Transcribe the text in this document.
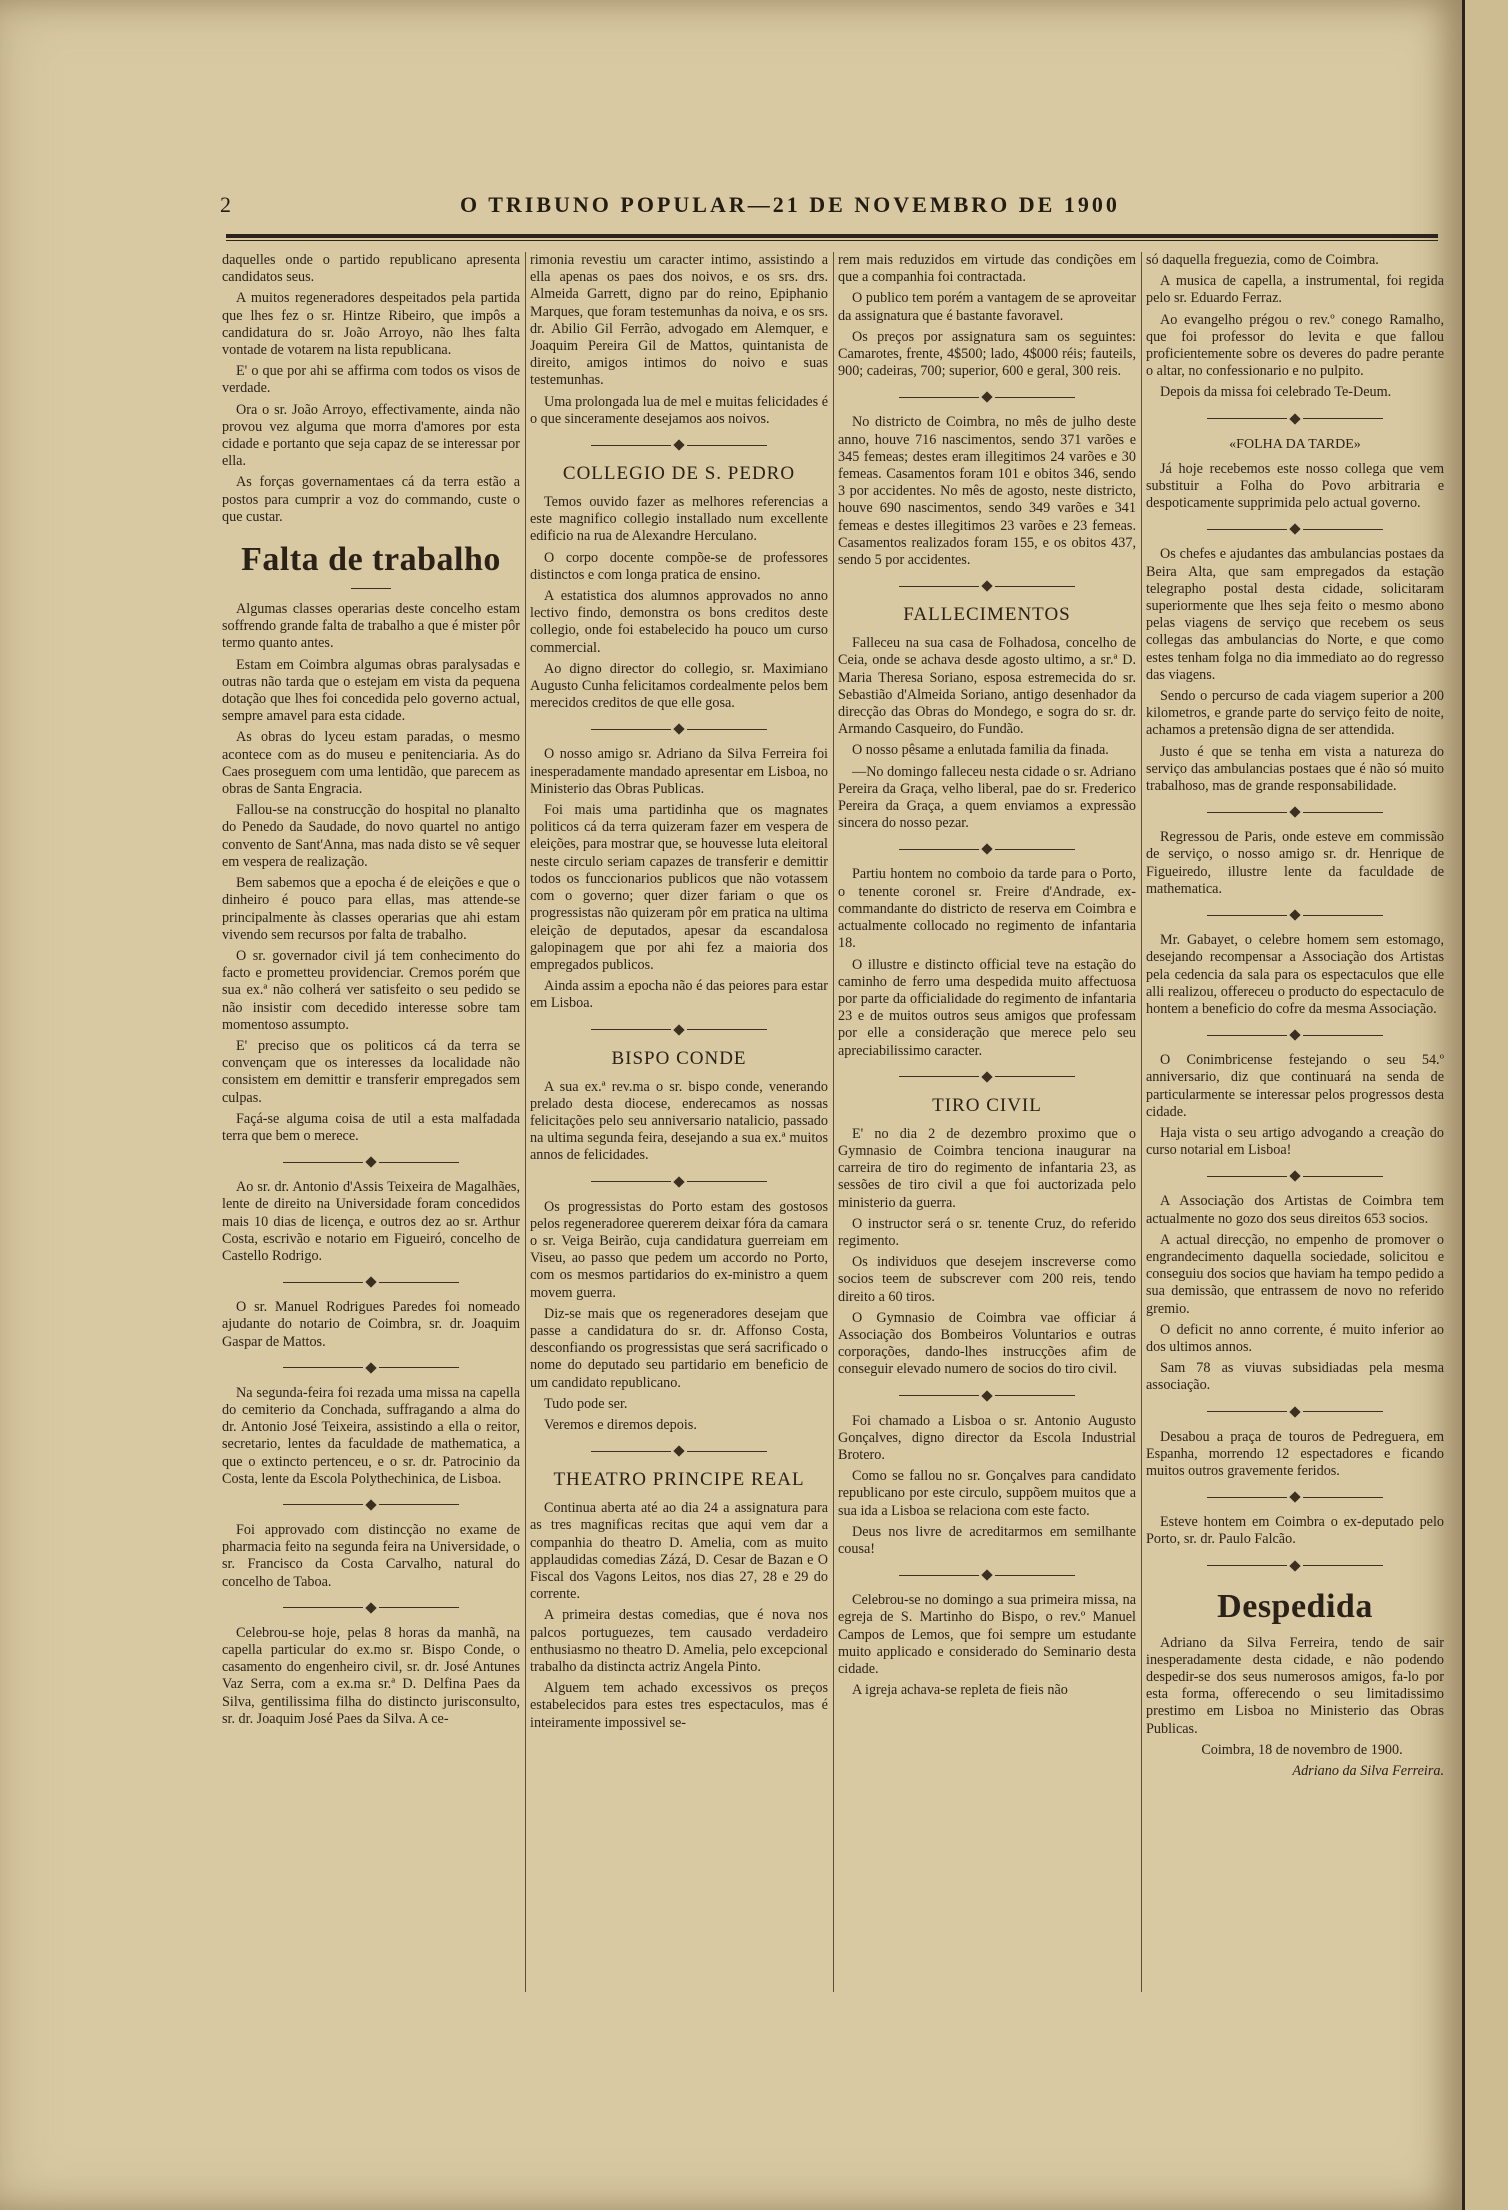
2	O TRIBUNO POPULAR—21 DE NOVEMBRO DE 1900

daquelles onde o partido republicano apresenta candidatos seus.

A muitos regeneradores despeitados pela partida que lhes fez o sr. Hintze Ribeiro, que impôs a candidatura do sr. João Arroyo, não lhes falta vontade de votarem na lista republicana.

E' o que por ahi se affirma com todos os visos de verdade.

Ora o sr. João Arroyo, effectivamente, ainda não provou vez alguma que morra d'amores por esta cidade e portanto que seja capaz de se interessar por ella.

As forças governamentaes cá da terra estão a postos para cumprir a voz do commando, custe o que custar.

Falta de trabalho

Algumas classes operarias deste concelho estam soffrendo grande falta de trabalho a que é mister pôr termo quanto antes.

Estam em Coimbra algumas obras paralysadas e outras não tarda que o estejam em vista da pequena dotação que lhes foi concedida pelo governo actual, sempre amavel para esta cidade.

As obras do lyceu estam paradas, o mesmo acontece com as do museu e penitenciaria. As do Caes proseguem com uma lentidão, que parecem as obras de Santa Engracia.

Fallou-se na construcção do hospital no planalto do Penedo da Saudade, do novo quartel no antigo convento de Sant'Anna, mas nada disto se vê sequer em vespera de realização.

Bem sabemos que a epocha é de eleições e que o dinheiro é pouco para ellas, mas attende-se principalmente às classes operarias que ahi estam vivendo sem recursos por falta de trabalho.

O sr. governador civil já tem conhecimento do facto e prometteu providenciar. Cremos porém que sua ex.ª não colherá ver satisfeito o seu pedido se não insistir com decedido interesse sobre tam momentoso assumpto.

E' preciso que os politicos cá da terra se convençam que os interesses da localidade não consistem em demittir e transferir empregados sem culpas.

Façá-se alguma coisa de util a esta malfadada terra que bem o merece.

Ao sr. dr. Antonio d'Assis Teixeira de Magalhães, lente de direito na Universidade foram concedidos mais 10 dias de licença, e outros dez ao sr. Arthur Costa, escrivão e notario em Figueiró, concelho de Castello Rodrigo.

O sr. Manuel Rodrigues Paredes foi nomeado ajudante do notario de Coimbra, sr. dr. Joaquim Gaspar de Mattos.

Na segunda-feira foi rezada uma missa na capella do cemiterio da Conchada, suffragando a alma do dr. Antonio José Teixeira, assistindo a ella o reitor, secretario, lentes da faculdade de mathematica, a que o extincto pertenceu, e o sr. dr. Patrocinio da Costa, lente da Escola Polythechinica, de Lisboa.

Foi approvado com distincção no exame de pharmacia feito na segunda feira na Universidade, o sr. Francisco da Costa Carvalho, natural do concelho de Taboa.

Celebrou-se hoje, pelas 8 horas da manhã, na capella particular do ex.mo sr. Bispo Conde, o casamento do engenheiro civil, sr. dr. José Antunes Vaz Serra, com a ex.ma sr.ª D. Delfina Paes da Silva, gentilissima filha do distincto jurisconsulto, sr. dr. Joaquim José Paes da Silva. A ce-

rimonia revestiu um caracter intimo, assistindo a ella apenas os paes dos noivos, e os srs. drs. Almeida Garrett, digno par do reino, Epiphanio Marques, que foram testemunhas da noiva, e os srs. dr. Abilio Gil Ferrão, advogado em Alemquer, e Joaquim Pereira Gil de Mattos, quintanista de direito, amigos intimos do noivo e suas testemunhas.

Uma prolongada lua de mel e muitas felicidades é o que sinceramente desejamos aos noivos.

COLLEGIO DE S. PEDRO

Temos ouvido fazer as melhores referencias a este magnifico collegio installado num excellente edificio na rua de Alexandre Herculano.

O corpo docente compõe-se de professores distinctos e com longa pratica de ensino.

A estatistica dos alumnos approvados no anno lectivo findo, demonstra os bons creditos deste collegio, onde foi estabelecido ha pouco um curso commercial.

Ao digno director do collegio, sr. Maximiano Augusto Cunha felicitamos cordealmente pelos bem merecidos creditos de que elle gosa.

O nosso amigo sr. Adriano da Silva Ferreira foi inesperadamente mandado apresentar em Lisboa, no Ministerio das Obras Publicas.

Foi mais uma partidinha que os magnates politicos cá da terra quizeram fazer em vespera de eleições, para mostrar que, se houvesse luta eleitoral neste circulo seriam capazes de transferir e demittir todos os funccionarios publicos que não votassem com o governo; quer dizer fariam o que os progressistas não quizeram pôr em pratica na ultima eleição de deputados, apesar da escandalosa galopinagem que por ahi fez a maioria dos empregados publicos.

Ainda assim a epocha não é das peiores para estar em Lisboa.

BISPO CONDE

A sua ex.ª rev.ma o sr. bispo conde, venerando prelado desta diocese, enderecamos as nossas felicitações pelo seu anniversario natalicio, passado na ultima segunda feira, desejando a sua ex.ª muitos annos de felicidades.

Os progressistas do Porto estam des gostosos pelos regeneradoree quererem deixar fóra da camara o sr. Veiga Beirão, cuja candidatura guerreiam em Viseu, ao passo que pedem um accordo no Porto, com os mesmos partidarios do ex-ministro a quem movem guerra.

Diz-se mais que os regeneradores desejam que passe a candidatura do sr. dr. Affonso Costa, desconfiando os progressistas que será sacrificado o nome do deputado seu partidario em beneficio de um candidato republicano.

Tudo pode ser.

Veremos e diremos depois.

THEATRO PRINCIPE REAL

Continua aberta até ao dia 24 a assignatura para as tres magnificas recitas que aqui vem dar a companhia do theatro D. Amelia, com as muito applaudidas comedias Zázá, D. Cesar de Bazan e O Fiscal dos Vagons Leitos, nos dias 27, 28 e 29 do corrente.

A primeira destas comedias, que é nova nos palcos portuguezes, tem causado verdadeiro enthusiasmo no theatro D. Amelia, pelo excepcional trabalho da distincta actriz Angela Pinto.

Alguem tem achado excessivos os preços estabelecidos para estes tres espectaculos, mas é inteiramente impossivel se-

rem mais reduzidos em virtude das condições em que a companhia foi contractada.

O publico tem porém a vantagem de se aproveitar da assignatura que é bastante favoravel.

Os preços por assignatura sam os seguintes: Camarotes, frente, 4$500; lado, 4$000 réis; fauteils, 900; cadeiras, 700; superior, 600 e geral, 300 reis.

No districto de Coimbra, no mês de julho deste anno, houve 716 nascimentos, sendo 371 varões e 345 femeas; destes eram illegitimos 24 varões e 30 femeas. Casamentos foram 101 e obitos 346, sendo 3 por accidentes. No mês de agosto, neste districto, houve 690 nascimentos, sendo 349 varões e 341 femeas e destes illegitimos 23 varões e 23 femeas. Casamentos realizados foram 155, e os obitos 437, sendo 5 por accidentes.

FALLECIMENTOS

Falleceu na sua casa de Folhadosa, concelho de Ceia, onde se achava desde agosto ultimo, a sr.ª D. Maria Theresa Soriano, esposa estremecida do sr. Sebastião d'Almeida Soriano, antigo desenhador da direcção das Obras do Mondego, e sogra do sr. dr. Armando Casqueiro, do Fundão.

O nosso pêsame a enlutada familia da finada.

—No domingo falleceu nesta cidade o sr. Adriano Pereira da Graça, velho liberal, pae do sr. Frederico Pereira da Graça, a quem enviamos a expressão sincera do nosso pezar.

Partiu hontem no comboio da tarde para o Porto, o tenente coronel sr. Freire d'Andrade, ex-commandante do districto de reserva em Coimbra e actualmente collocado no regimento de infantaria 18.

O illustre e distincto official teve na estação do caminho de ferro uma despedida muito affectuosa por parte da officialidade do regimento de infantaria 23 e de muitos outros seus amigos que professam por elle a consideração que merece pelo seu apreciabilissimo caracter.

TIRO CIVIL

E' no dia 2 de dezembro proximo que o Gymnasio de Coimbra tenciona inaugurar na carreira de tiro do regimento de infantaria 23, as sessões de tiro civil a que foi auctorizada pelo ministerio da guerra.

O instructor será o sr. tenente Cruz, do referido regimento.

Os individuos que desejem inscreverse como socios teem de subscrever com 200 reis, tendo direito a 60 tiros.

O Gymnasio de Coimbra vae officiar á Associação dos Bombeiros Voluntarios e outras corporações, dando-lhes instrucções afim de conseguir elevado numero de socios do tiro civil.

Foi chamado a Lisboa o sr. Antonio Augusto Gonçalves, digno director da Escola Industrial Brotero.

Como se fallou no sr. Gonçalves para candidato republicano por este circulo, suppõem muitos que a sua ida a Lisboa se relaciona com este facto.

Deus nos livre de acreditarmos em semilhante cousa!

Celebrou-se no domingo a sua primeira missa, na egreja de S. Martinho do Bispo, o rev.º Manuel Campos de Lemos, que foi sempre um estudante muito applicado e considerado do Seminario desta cidade.

A igreja achava-se repleta de fieis não

só daquella freguezia, como de Coimbra.

A musica de capella, a instrumental, foi regida pelo sr. Eduardo Ferraz.

Ao evangelho prégou o rev.º conego Ramalho, que foi professor do levita e que fallou proficientemente sobre os deveres do padre perante o altar, no confessionario e no pulpito.

Depois da missa foi celebrado Te-Deum.

«FOLHA DA TARDE»

Já hoje recebemos este nosso collega que vem substituir a Folha do Povo arbitraria e despoticamente supprimida pelo actual governo.

Os chefes e ajudantes das ambulancias postaes da Beira Alta, que sam empregados da estação telegrapho postal desta cidade, solicitaram superiormente que lhes seja feito o mesmo abono pelas viagens de serviço que recebem os seus collegas das ambulancias do Norte, e que como estes tenham folga no dia immediato ao do regresso das viagens.

Sendo o percurso de cada viagem superior a 200 kilometros, e grande parte do serviço feito de noite, achamos a pretensão digna de ser attendida.

Justo é que se tenha em vista a natureza do serviço das ambulancias postaes que é não só muito trabalhoso, mas de grande responsabilidade.

Regressou de Paris, onde esteve em commissão de serviço, o nosso amigo sr. dr. Henrique de Figueiredo, illustre lente da faculdade de mathematica.

Mr. Gabayet, o celebre homem sem estomago, desejando recompensar a Associação dos Artistas pela cedencia da sala para os espectaculos que elle alli realizou, offereceu o producto do espectaculo de hontem a beneficio do cofre da mesma Associação.

O Conimbricense festejando o seu 54.º anniversario, diz que continuará na senda de particularmente se interessar pelos progressos desta cidade.

Haja vista o seu artigo advogando a creação do curso notarial em Lisboa!

A Associação dos Artistas de Coimbra tem actualmente no gozo dos seus direitos 653 socios.

A actual direcção, no empenho de promover o engrandecimento daquella sociedade, solicitou e conseguiu dos socios que haviam ha tempo pedido a sua demissão, que entrassem de novo no referido gremio.

O deficit no anno corrente, é muito inferior ao dos ultimos annos.

Sam 78 as viuvas subsidiadas pela mesma associação.

Desabou a praça de touros de Pedreguera, em Espanha, morrendo 12 espectadores e ficando muitos outros gravemente feridos.

Esteve hontem em Coimbra o ex-deputado pelo Porto, sr. dr. Paulo Falcão.

Despedida

Adriano da Silva Ferreira, tendo de sair inesperadamente desta cidade, e não podendo despedir-se dos seus numerosos amigos, fa-lo por esta forma, offerecendo o seu limitadissimo prestimo em Lisboa no Ministerio das Obras Publicas.

Coimbra, 18 de novembro de 1900.

Adriano da Silva Ferreira.
